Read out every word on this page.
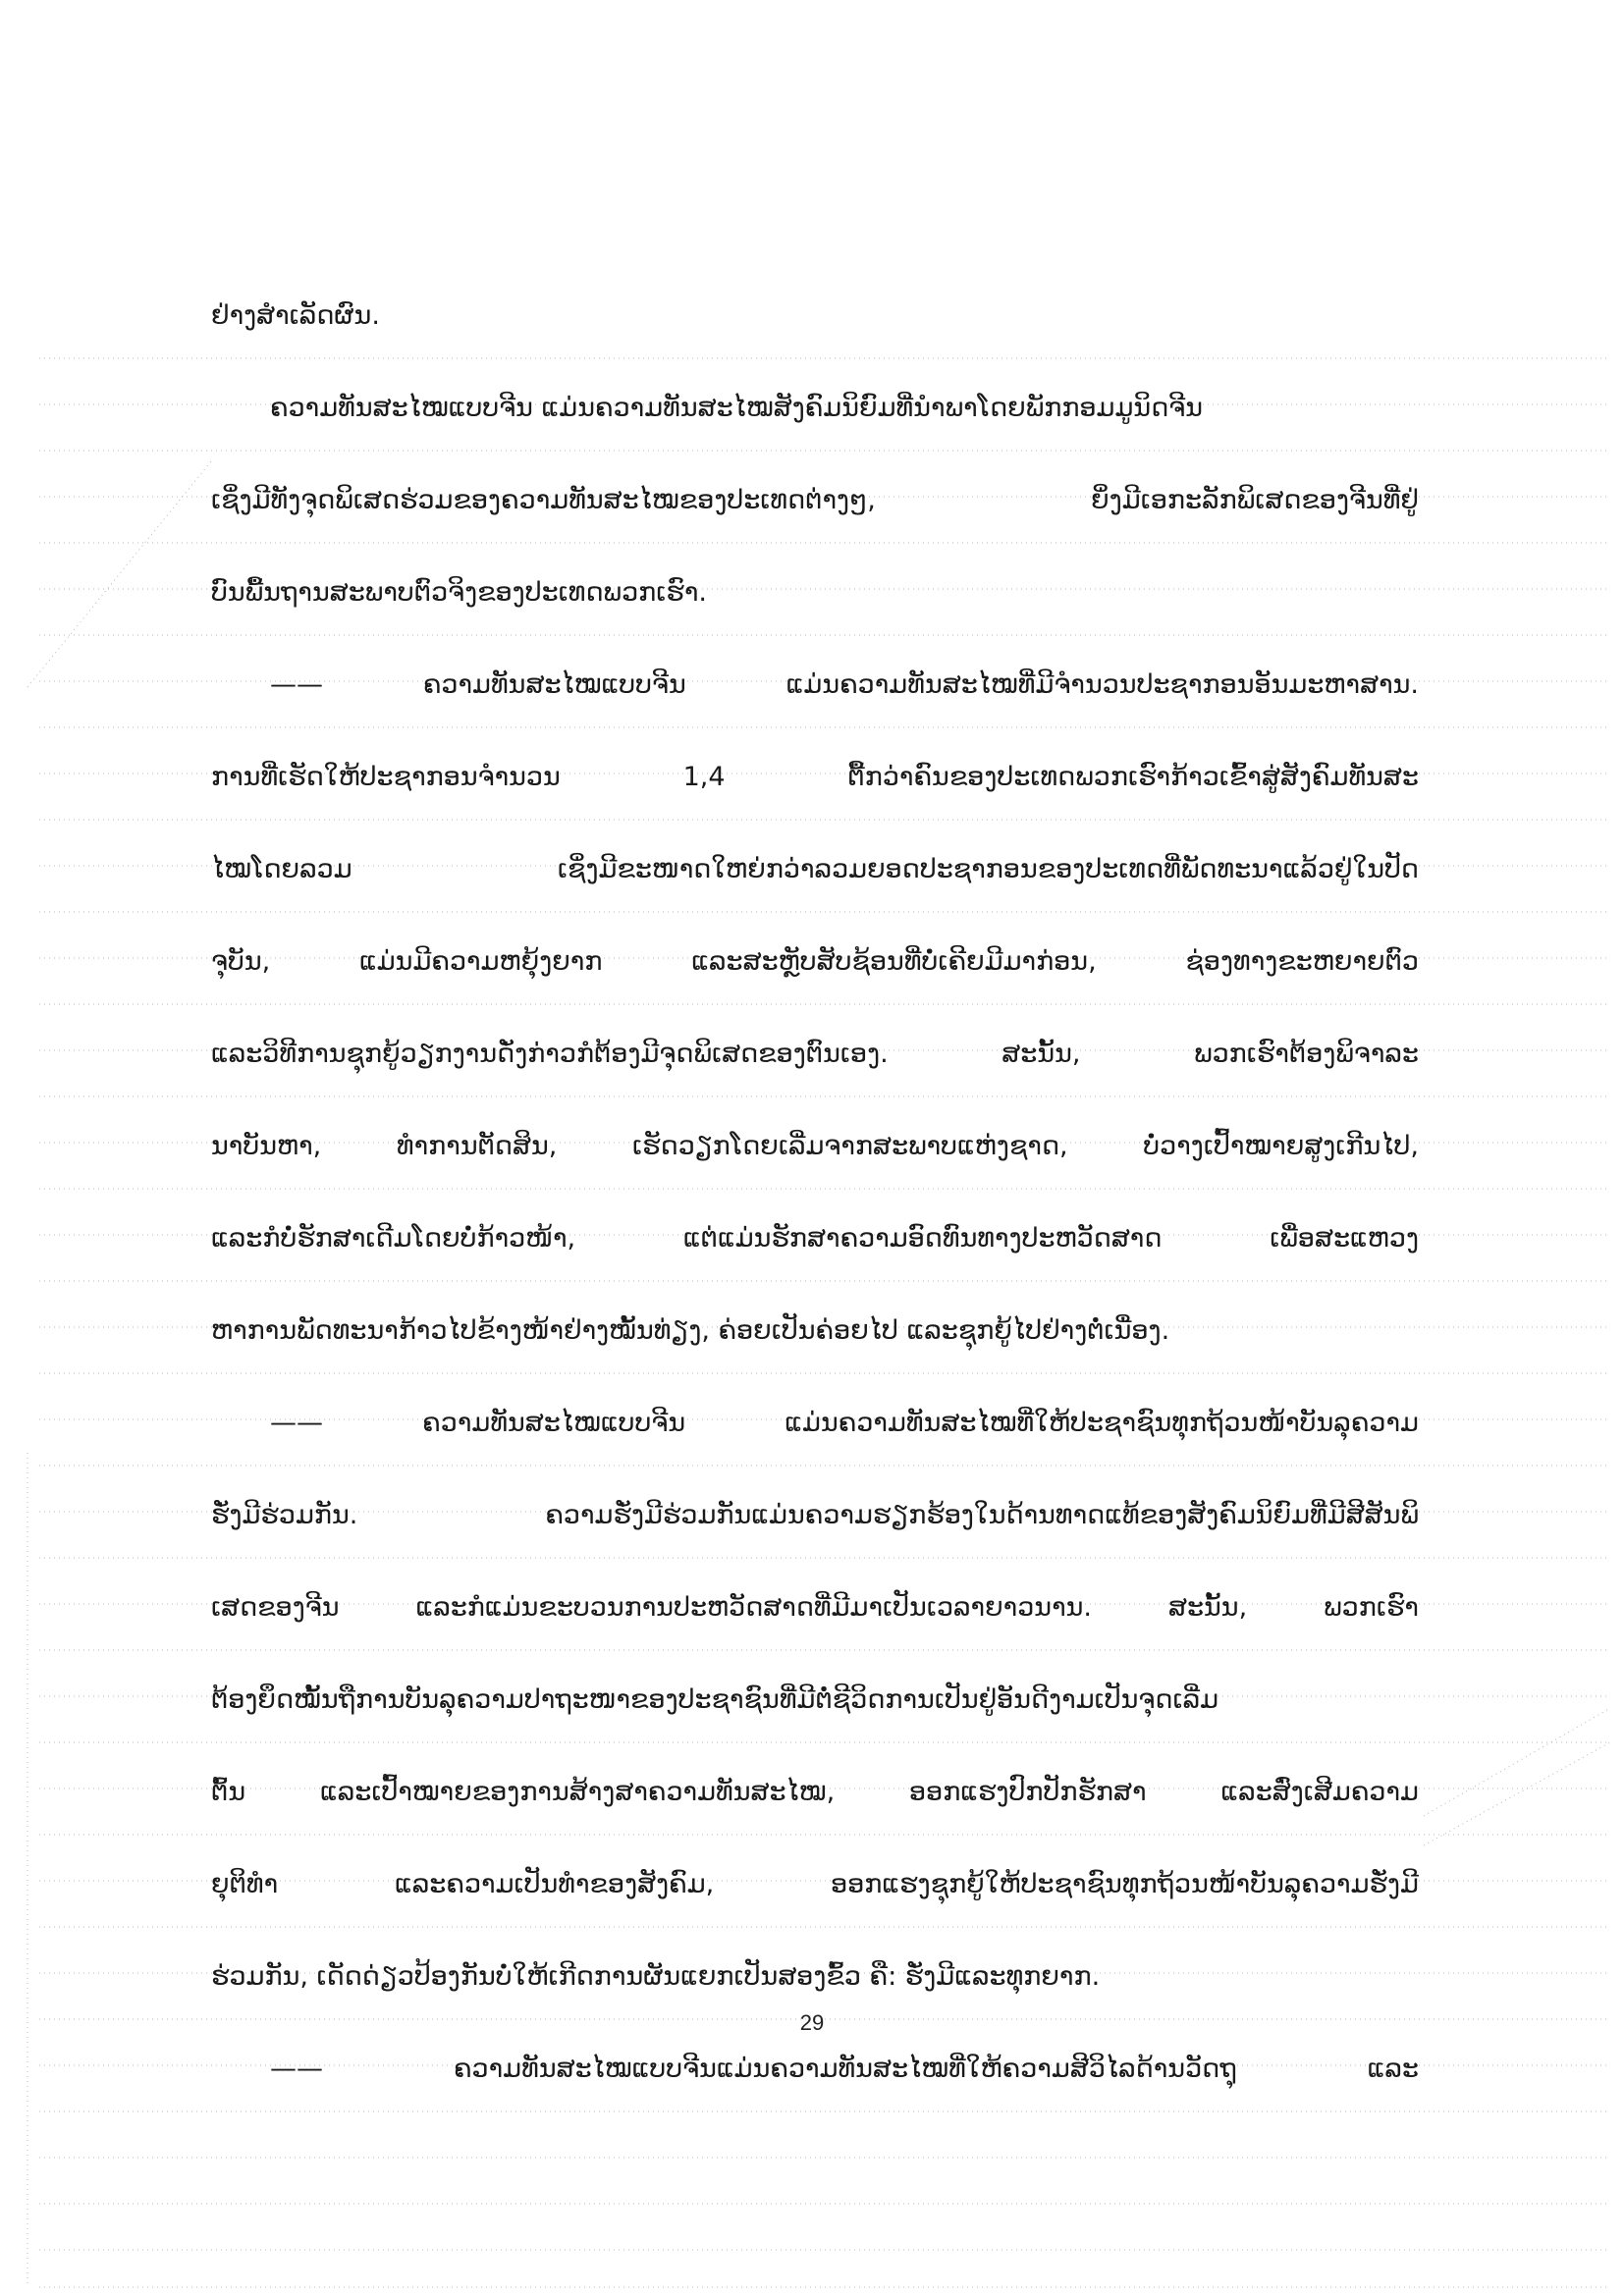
ຢ່າງສຳເລັດຜົນ.
ຄວາມທັນສະໄໝແບບຈີນ ແມ່ນຄວາມທັນສະໄໝສັງຄົມນິຍົມທີ່ນຳພາໂດຍພັກກອມມູນິດຈີນ
ເຊິ່ງມີທັງຈຸດພິເສດຮ່ວມຂອງຄວາມທັນສະໄໝຂອງປະເທດຕ່າງໆ, ຍິ່ງມີເອກະລັກພິເສດຂອງຈີນທີ່ຢູ່
ບົນພື້ນຖານສະພາບຕົວຈິງຂອງປະເທດພວກເຮົາ.
—— ຄວາມທັນສະໄໝແບບຈີນ ແມ່ນຄວາມທັນສະໄໝທີ່ມີຈຳນວນປະຊາກອນອັນມະຫາສານ.
ການທີ່ເຮັດໃຫ້ປະຊາກອນຈຳນວນ 1,4 ຕື້ກວ່າຄົນຂອງປະເທດພວກເຮົາກ້າວເຂົ້າສູ່ສັງຄົມທັນສະ
ໄໝໂດຍລວມ ເຊິ່ງມີຂະໜາດໃຫຍ່ກວ່າລວມຍອດປະຊາກອນຂອງປະເທດທີ່ພັດທະນາແລ້ວຢູ່ໃນປັດ
ຈຸບັນ, ແມ່ນມີຄວາມຫຍຸ້ງຍາກ ແລະສະຫຼັບສັບຊ້ອນທີ່ບໍ່ເຄີຍມີມາກ່ອນ, ຊ່ອງທາງຂະຫຍາຍຕົວ
ແລະວິທີການຊຸກຍູ້ວຽກງານດັ່ງກ່າວກໍຕ້ອງມີຈຸດພິເສດຂອງຕົນເອງ. ສະນັ້ນ, ພວກເຮົາຕ້ອງພິຈາລະ
ນາບັນຫາ, ທຳການຕັດສິນ, ເຮັດວຽກໂດຍເລີ່ມຈາກສະພາບແຫ່ງຊາດ, ບໍ່ວາງເປົ້າໝາຍສູງເກີນໄປ,
ແລະກໍບໍ່ຮັກສາເດີມໂດຍບໍ່ກ້າວໜ້າ, ແຕ່ແມ່ນຮັກສາຄວາມອົດທົນທາງປະຫວັດສາດ ເພື່ອສະແຫວງ
ຫາການພັດທະນາກ້າວໄປຂ້າງໜ້າຢ່າງໝັ້ນທ່ຽງ, ຄ່ອຍເປັນຄ່ອຍໄປ ແລະຊຸກຍູ້ໄປຢ່າງຕໍ່ເນື່ອງ.
—— ຄວາມທັນສະໄໝແບບຈີນ ແມ່ນຄວາມທັນສະໄໝທີ່ໃຫ້ປະຊາຊົນທຸກຖ້ວນໜ້າບັນລຸຄວາມ
ຮັ່ງມີຮ່ວມກັນ. ຄວາມຮັ່ງມີຮ່ວມກັນແມ່ນຄວາມຮຽກຮ້ອງໃນດ້ານທາດແທ້ຂອງສັງຄົມນິຍົມທີ່ມີສີສັນພິ
ເສດຂອງຈີນ ແລະກໍແມ່ນຂະບວນການປະຫວັດສາດທີ່ມີມາເປັນເວລາຍາວນານ. ສະນັ້ນ, ພວກເຮົາ
ຕ້ອງຍຶດໝັ້ນຖືການບັນລຸຄວາມປາຖະໜາຂອງປະຊາຊົນທີ່ມີຕໍ່ຊີວິດການເປັນຢູ່ອັນດີງາມເປັນຈຸດເລີ່ມ
ຕົ້ນ ແລະເປົ້າໝາຍຂອງການສ້າງສາຄວາມທັນສະໄໝ, ອອກແຮງປົກປັກຮັກສາ ແລະສົ່ງເສີມຄວາມ
ຍຸຕິທຳ ແລະຄວາມເປັນທຳຂອງສັງຄົມ, ອອກແຮງຊຸກຍູ້ໃຫ້ປະຊາຊົນທຸກຖ້ວນໜ້າບັນລຸຄວາມຮັ່ງມີ
ຮ່ວມກັນ, ເດັດດ່ຽວປ້ອງກັນບໍ່ໃຫ້ເກີດການຜັນແຍກເປັນສອງຂົ້ວ ຄື: ຮັ່ງມີແລະທຸກຍາກ.
—— ຄວາມທັນສະໄໝແບບຈີນແມ່ນຄວາມທັນສະໄໝທີ່ໃຫ້ຄວາມສີວິໄລດ້ານວັດຖຸ ແລະ
29
